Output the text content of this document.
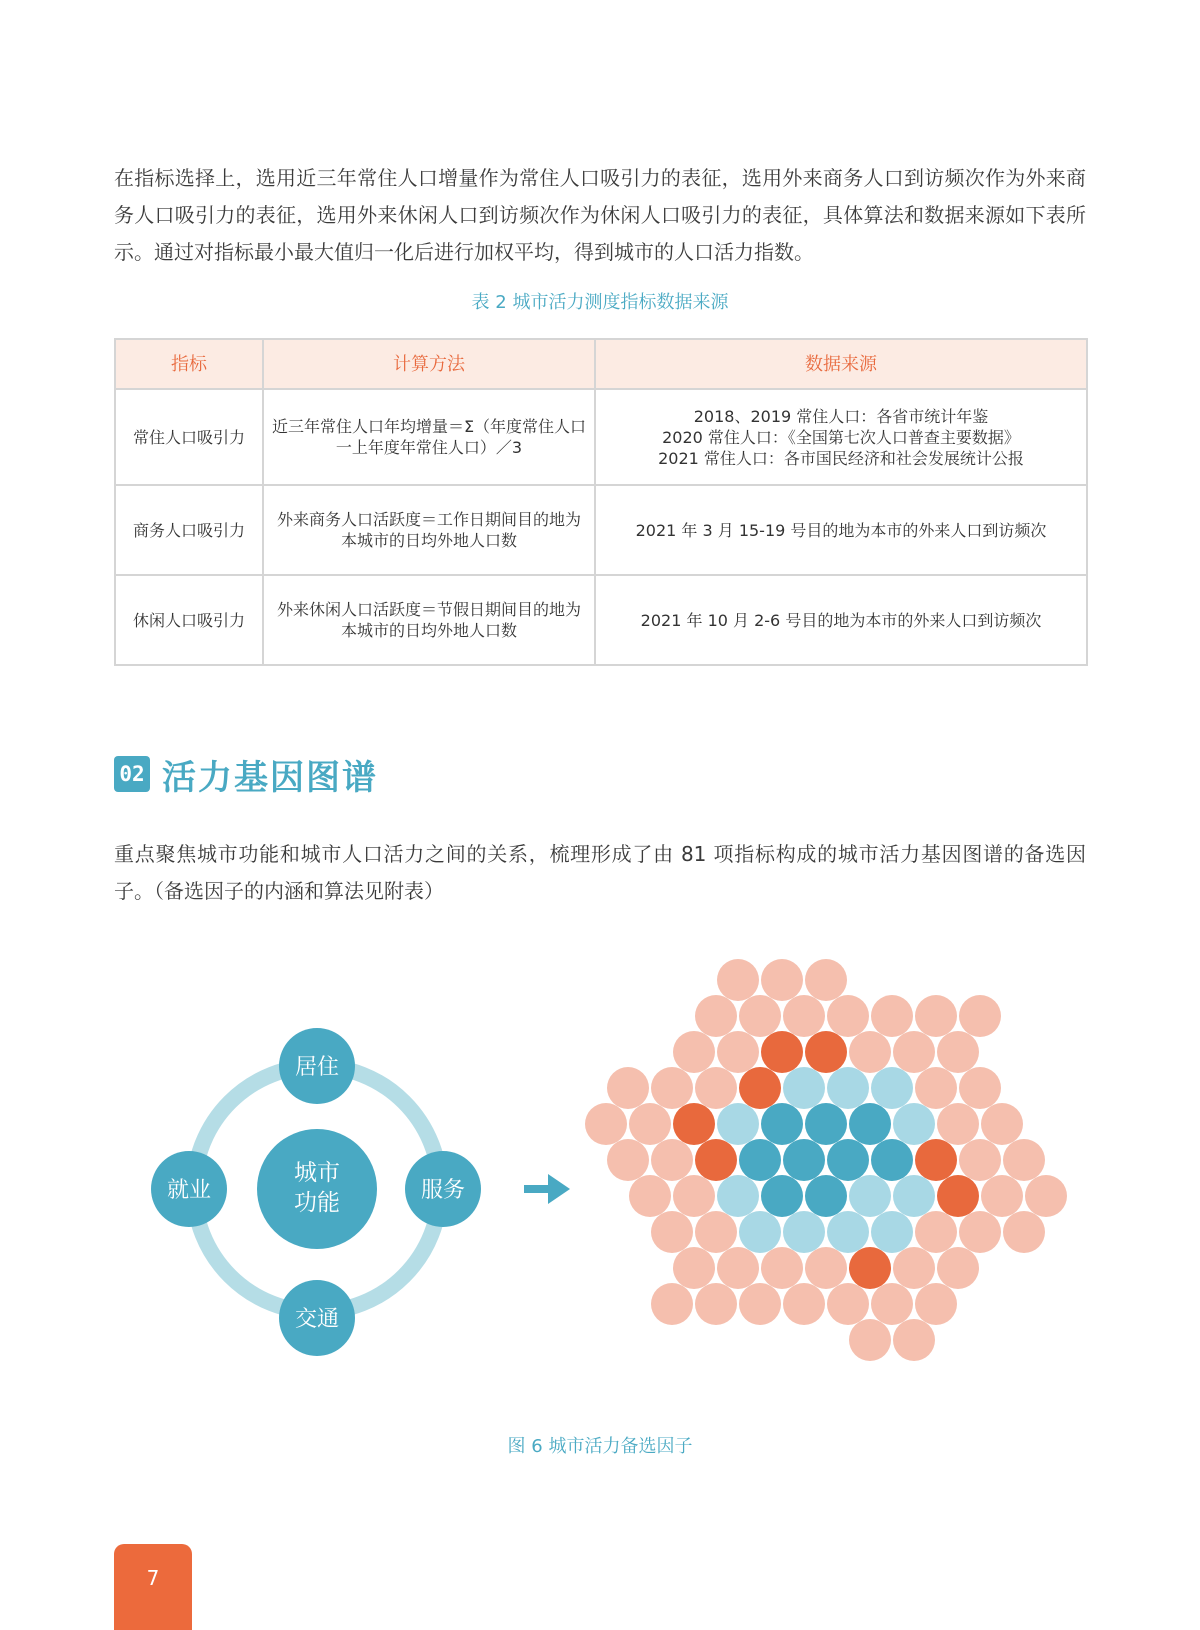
在指标选择上，选用近三年常住人口增量作为常住人口吸引力的表征，选用外来商务人口到访频次作为外来商务人口吸引力的表征，选用外来休闲人口到访频次作为休闲人口吸引力的表征，具体算法和数据来源如下表所示。通过对指标最小最大值归一化后进行加权平均，得到城市的人口活力指数。

表 2 城市活力测度指标数据来源
指标	计算方法	数据来源
常住人口吸引力	近三年常住人口年均增量＝Σ（年度常住人口 一上年度年常住人口）／3	2018、2019 常住人口：各省市统计年鉴
2020 常住人口：《全国第七次人口普查主要数据》
2021 常住人口：各市国民经济和社会发展统计公报

商务人口吸引力	外来商务人口活跃度＝工作日期间目的地为本城市的日均外地人口数	2021 年 3 月 15-19 号目的地为本市的外来人口到访频次
休闲人口吸引力	外来休闲人口活跃度＝节假日期间目的地为本城市的日均外地人口数	2021 年 10 月 2-6 号目的地为本市的外来人口到访频次
02 活力基因图谱

重点聚焦城市功能和城市人口活力之间的关系，梳理形成了由 81 项指标构成的城市活力基因图谱的备选因子。（备选因子的内涵和算法见附表）

城市
功能
居住
服务
交通
就业
图 6 城市活力备选因子
7
